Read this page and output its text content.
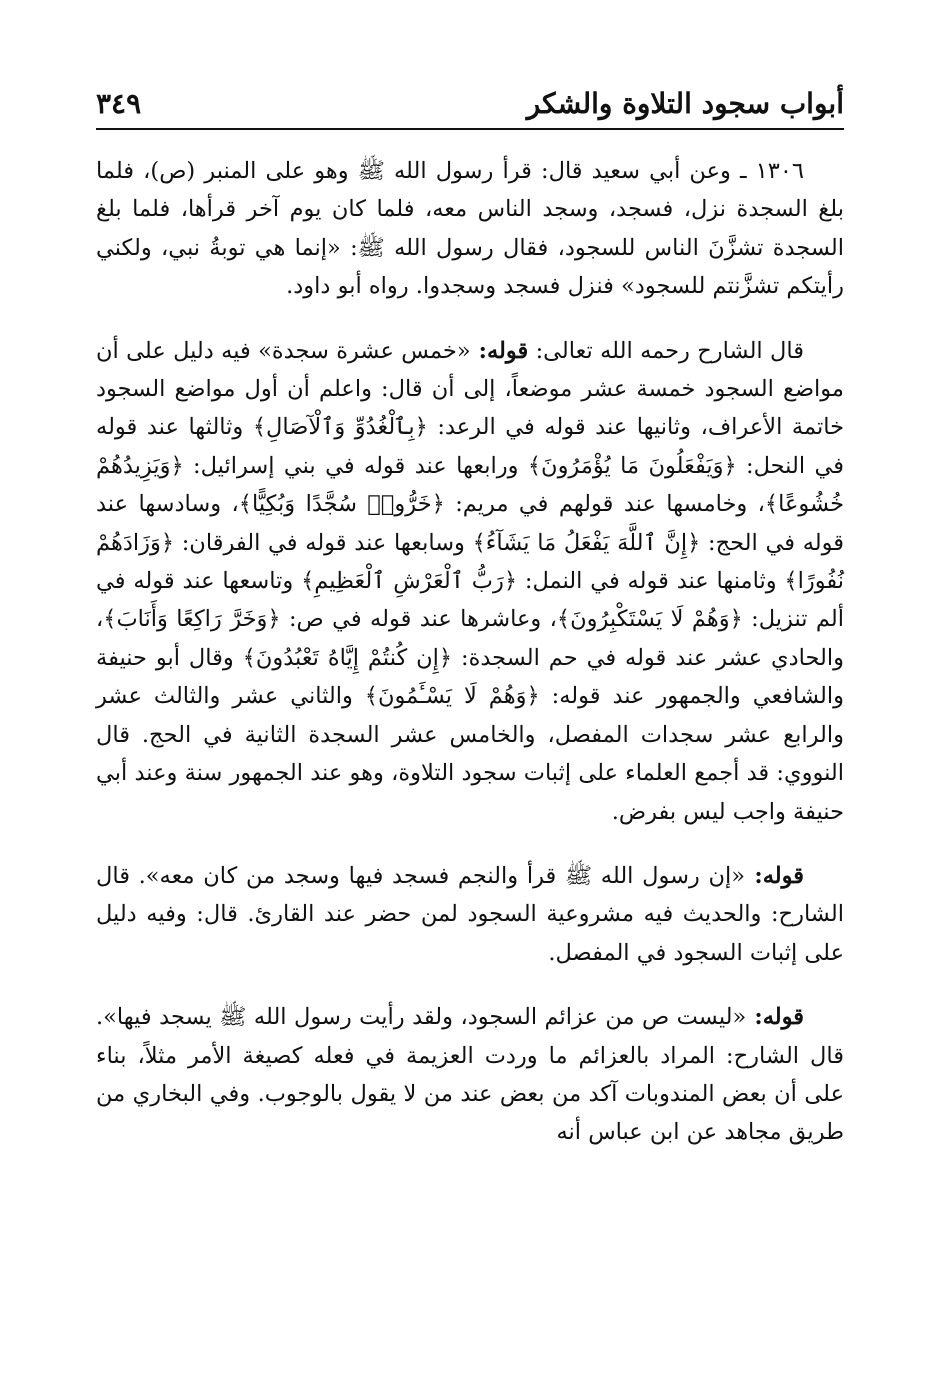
أبواب سجود التلاوة والشكر
٣٤٩

١٣٠٦ ـ وعن أبي سعيد قال: قرأ رسول الله ﷺ وهو على المنبر (ص)، فلما بلغ السجدة نزل، فسجد، وسجد الناس معه، فلما كان يوم آخر قرأها، فلما بلغ السجدة تشزَّنَ الناس للسجود، فقال رسول الله ﷺ: «إنما هي توبةُ نبي، ولكني رأيتكم تشزَّنتم للسجود» فنزل فسجد وسجدوا. رواه أبو داود.

قال الشارح رحمه الله تعالى: قوله: «خمس عشرة سجدة» فيه دليل على أن مواضع السجود خمسة عشر موضعاً، إلى أن قال: واعلم أن أول مواضع السجود خاتمة الأعراف، وثانيها عند قوله في الرعد: ﴿بِٱلْغُدُوِّ وَٱلْآصَالِ﴾ وثالثها عند قوله في النحل: ﴿وَيَفْعَلُونَ مَا يُؤْمَرُونَ﴾ ورابعها عند قوله في بني إسرائيل: ﴿وَيَزِيدُهُمْ خُشُوعًا﴾، وخامسها عند قولهم في مريم: ﴿خَرُّوا۟ سُجَّدًا وَبُكِيًّا﴾، وسادسها عند قوله في الحج: ﴿إِنَّ ٱللَّهَ يَفْعَلُ مَا يَشَآءُ﴾ وسابعها عند قوله في الفرقان: ﴿وَزَادَهُمْ نُفُورًا﴾ وثامنها عند قوله في النمل: ﴿رَبُّ ٱلْعَرْشِ ٱلْعَظِيمِ﴾ وتاسعها عند قوله في ألم تنزيل: ﴿وَهُمْ لَا يَسْتَكْبِرُونَ﴾، وعاشرها عند قوله في ص: ﴿وَخَرَّ رَاكِعًا وَأَنَابَ﴾، والحادي عشر عند قوله في حم السجدة: ﴿إِن كُنتُمْ إِيَّاهُ تَعْبُدُونَ﴾ وقال أبو حنيفة والشافعي والجمهور عند قوله: ﴿وَهُمْ لَا يَسْـَٔمُونَ﴾ والثاني عشر والثالث عشر والرابع عشر سجدات المفصل، والخامس عشر السجدة الثانية في الحج. قال النووي: قد أجمع العلماء على إثبات سجود التلاوة، وهو عند الجمهور سنة وعند أبي حنيفة واجب ليس بفرض.

قوله: «إن رسول الله ﷺ قرأ والنجم فسجد فيها وسجد من كان معه». قال الشارح: والحديث فيه مشروعية السجود لمن حضر عند القارئ. قال: وفيه دليل على إثبات السجود في المفصل.

قوله: «ليست ص من عزائم السجود، ولقد رأيت رسول الله ﷺ يسجد فيها». قال الشارح: المراد بالعزائم ما وردت العزيمة في فعله كصيغة الأمر مثلاً، بناء على أن بعض المندوبات آكد من بعض عند من لا يقول بالوجوب. وفي البخاري من طريق مجاهد عن ابن عباس أنه
